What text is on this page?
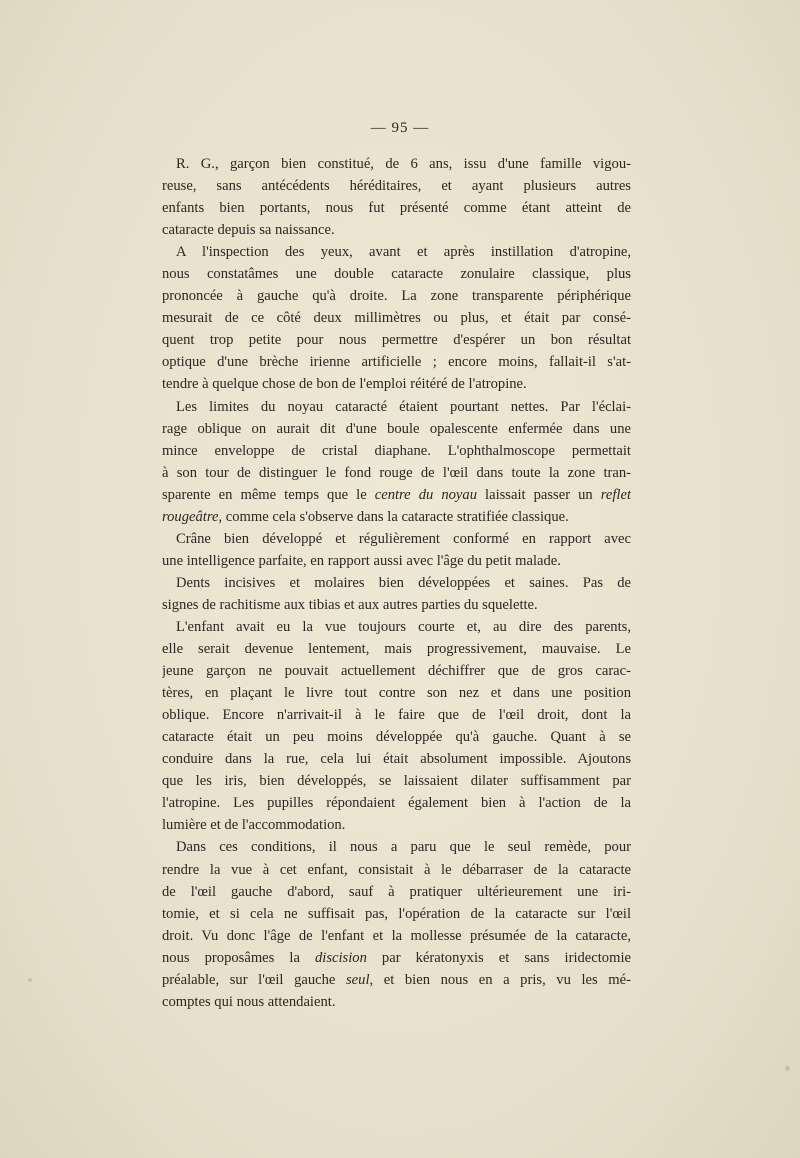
— 95 —
R. G., garçon bien constitué, de 6 ans, issu d'une famille vigou-
reuse, sans antécédents héréditaires, et ayant plusieurs autres
enfants bien portants, nous fut présenté comme étant atteint de
cataracte depuis sa naissance.
A l'inspection des yeux, avant et après instillation d'atropine,
nous constatâmes une double cataracte zonulaire classique, plus
prononcée à gauche qu'à droite. La zone transparente périphérique
mesurait de ce côté deux millimètres ou plus, et était par consé-
quent trop petite pour nous permettre d'espérer un bon résultat
optique d'une brèche irienne artificielle ; encore moins, fallait-il s'at-
tendre à quelque chose de bon de l'emploi réitéré de l'atropine.
Les limites du noyau cataracté étaient pourtant nettes. Par l'éclai-
rage oblique on aurait dit d'une boule opalescente enfermée dans une
mince enveloppe de cristal diaphane. L'ophthalmoscope permettait
à son tour de distinguer le fond rouge de l'œil dans toute la zone tran-
sparente en même temps que le centre du noyau laissait passer un reflet
rougeâtre, comme cela s'observe dans la cataracte stratifiée classique.
Crâne bien développé et régulièrement conformé en rapport avec
une intelligence parfaite, en rapport aussi avec l'âge du petit malade.
Dents incisives et molaires bien développées et saines. Pas de
signes de rachitisme aux tibias et aux autres parties du squelette.
L'enfant avait eu la vue toujours courte et, au dire des parents,
elle serait devenue lentement, mais progressivement, mauvaise. Le
jeune garçon ne pouvait actuellement déchiffrer que de gros carac-
tères, en plaçant le livre tout contre son nez et dans une position
oblique. Encore n'arrivait-il à le faire que de l'œil droit, dont la
cataracte était un peu moins développée qu'à gauche. Quant à se
conduire dans la rue, cela lui était absolument impossible. Ajoutons
que les iris, bien développés, se laissaient dilater suffisamment par
l'atropine. Les pupilles répondaient également bien à l'action de la
lumière et de l'accommodation.
Dans ces conditions, il nous a paru que le seul remède, pour
rendre la vue à cet enfant, consistait à le débarraser de la cataracte
de l'œil gauche d'abord, sauf à pratiquer ultérieurement une iri-
tomie, et si cela ne suffisait pas, l'opération de la cataracte sur l'œil
droit. Vu donc l'âge de l'enfant et la mollesse présumée de la cataracte,
nous proposâmes la discision par kératonyxis et sans iridectomie
préalable, sur l'œil gauche seul, et bien nous en a pris, vu les mé-
comptes qui nous attendaient.
